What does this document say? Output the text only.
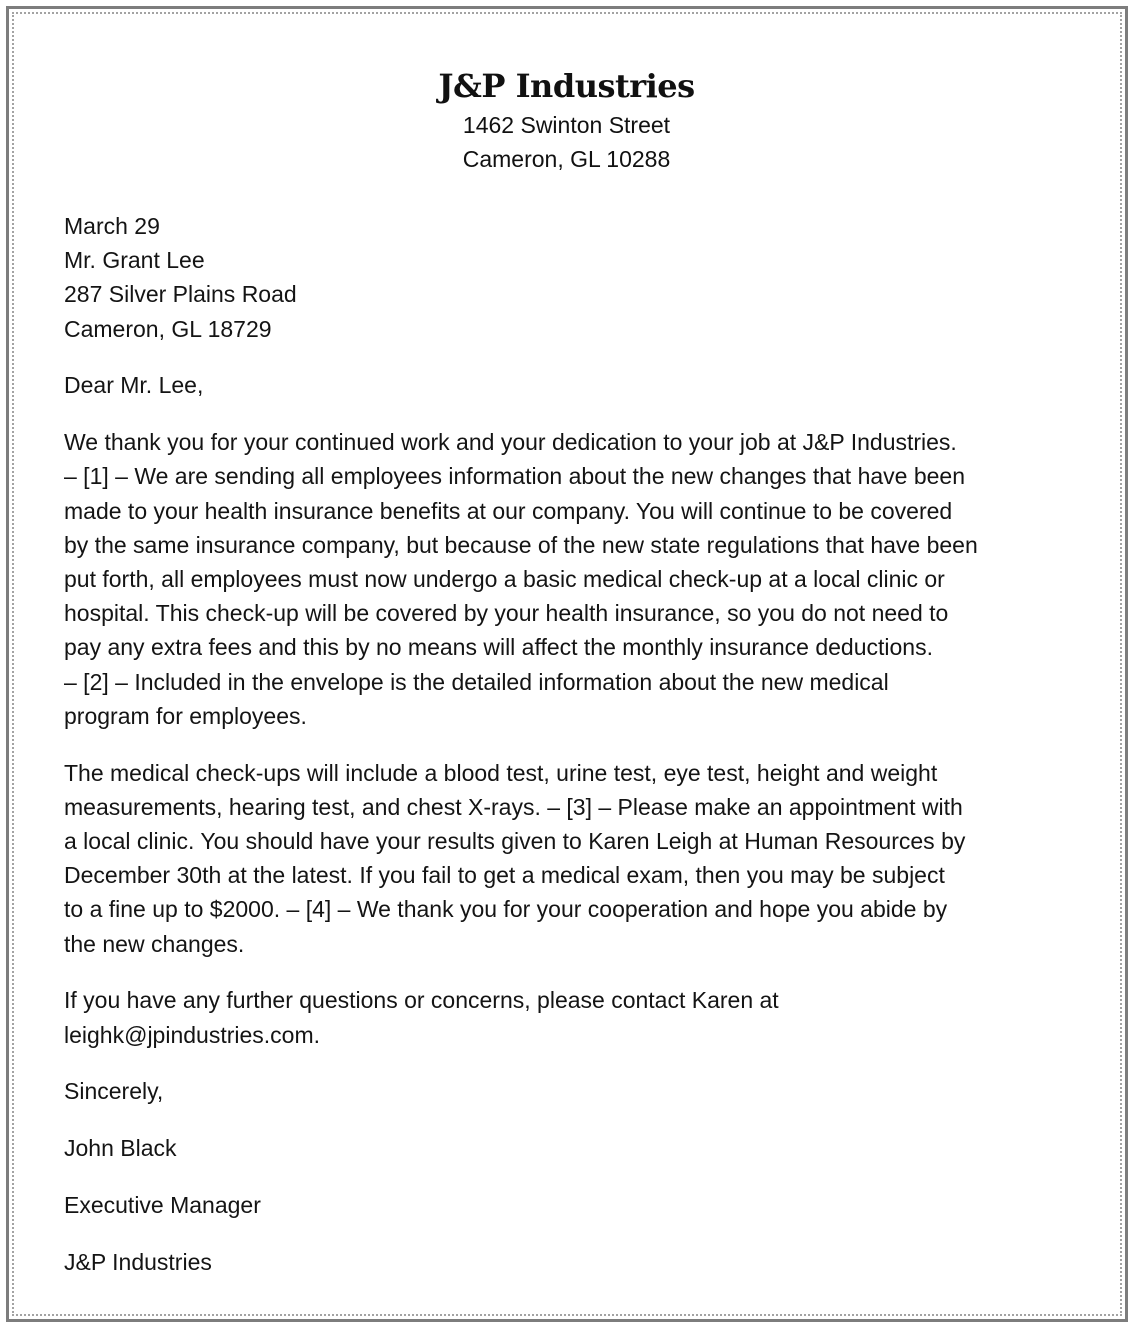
J&P Industries
1462 Swinton Street
Cameron, GL 10288
March 29
Mr. Grant Lee
287 Silver Plains Road
Cameron, GL 18729

Dear Mr. Lee,

We thank you for your continued work and your dedication to your job at J&P Industries.
– [1] – We are sending all employees information about the new changes that have been
made to your health insurance benefits at our company. You will continue to be covered
by the same insurance company, but because of the new state regulations that have been
put forth, all employees must now undergo a basic medical check-up at a local clinic or
hospital. This check-up will be covered by your health insurance, so you do not need to
pay any extra fees and this by no means will affect the monthly insurance deductions.
– [2] – Included in the envelope is the detailed information about the new medical
program for employees.
The medical check-ups will include a blood test, urine test, eye test, height and weight
measurements, hearing test, and chest X-rays. – [3] – Please make an appointment with
a local clinic. You should have your results given to Karen Leigh at Human Resources by
December 30th at the latest. If you fail to get a medical exam, then you may be subject
to a fine up to $2000. – [4] – We thank you for your cooperation and hope you abide by
the new changes.
If you have any further questions or concerns, please contact Karen at
leighk@jpindustries.com.

Sincerely,

John Black

Executive Manager

J&P Industries
